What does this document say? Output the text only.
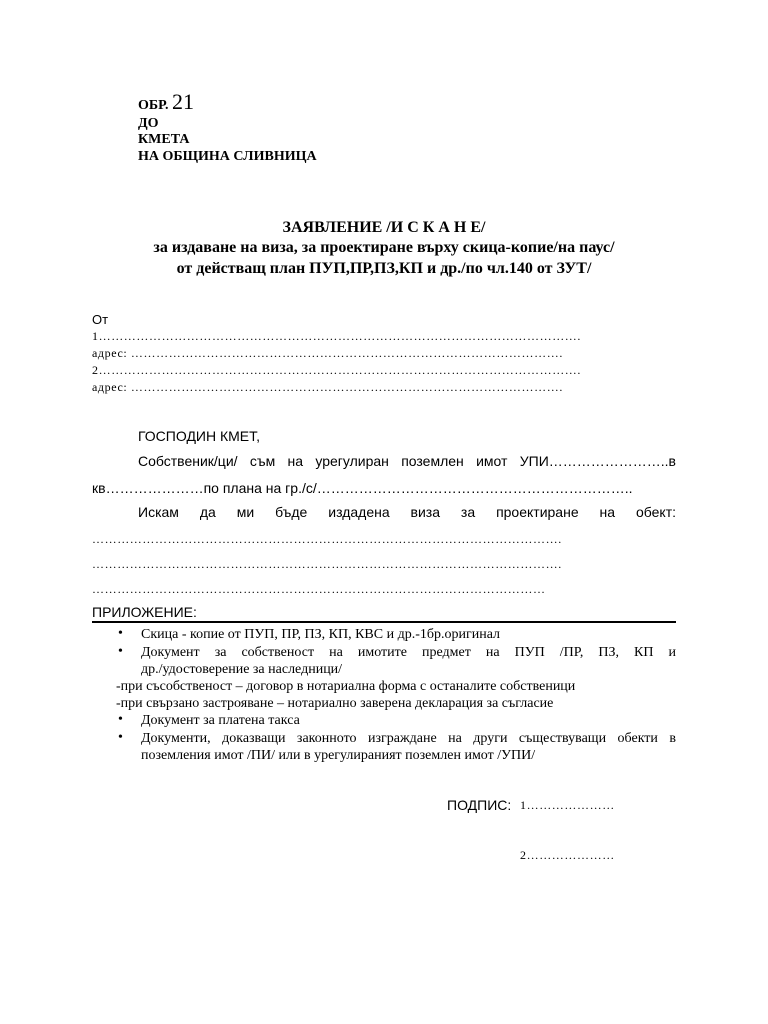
ОБР. 21
ДО
КМЕТА
НА ОБЩИНА СЛИВНИЦА
ЗАЯВЛЕНИЕ /И С К А Н Е/
за издаване на виза, за проектиране върху скица-копие/на паус/
от действащ план ПУП,ПР,ПЗ,КП и др./по чл.140 от ЗУТ/
От
1…………………………………………………………………………………………………….
адрес: ………………………………………………………………………………………….
2…………………………………………………………………………………………………….
адрес: ………………………………………………………………………………………….
ГОСПОДИН КМЕТ,
Собственик/ци/ съм на урегулиран поземлен имот УПИ……………………..в
кв…………………по плана на гр./с/…………………………………………………………..
Искам да ми бъде издадена виза за проектиране на обект:
………………………………………………………………………………………………….
………………………………………………………………………………………………….
………………………………………………………………………………………………
ПРИЛОЖЕНИЕ:
• Скица - копие от ПУП, ПР, ПЗ, КП, КВС и др.-1бр.оригинал
• Документ за собственост на имотите предмет на ПУП /ПР, ПЗ, КП и
др./удостоверение за наследници/
-при съсобственост – договор в нотариална форма с останалите собственици
-при свързано застрояване – нотариално заверена декларация за съгласие
• Документ за платена такса
• Документи, доказващи законното изграждане на други съществуващи обекти в
поземления имот /ПИ/ или в урегулираният поземлен имот /УПИ/
ПОДПИС: 1…………………
2…………………
